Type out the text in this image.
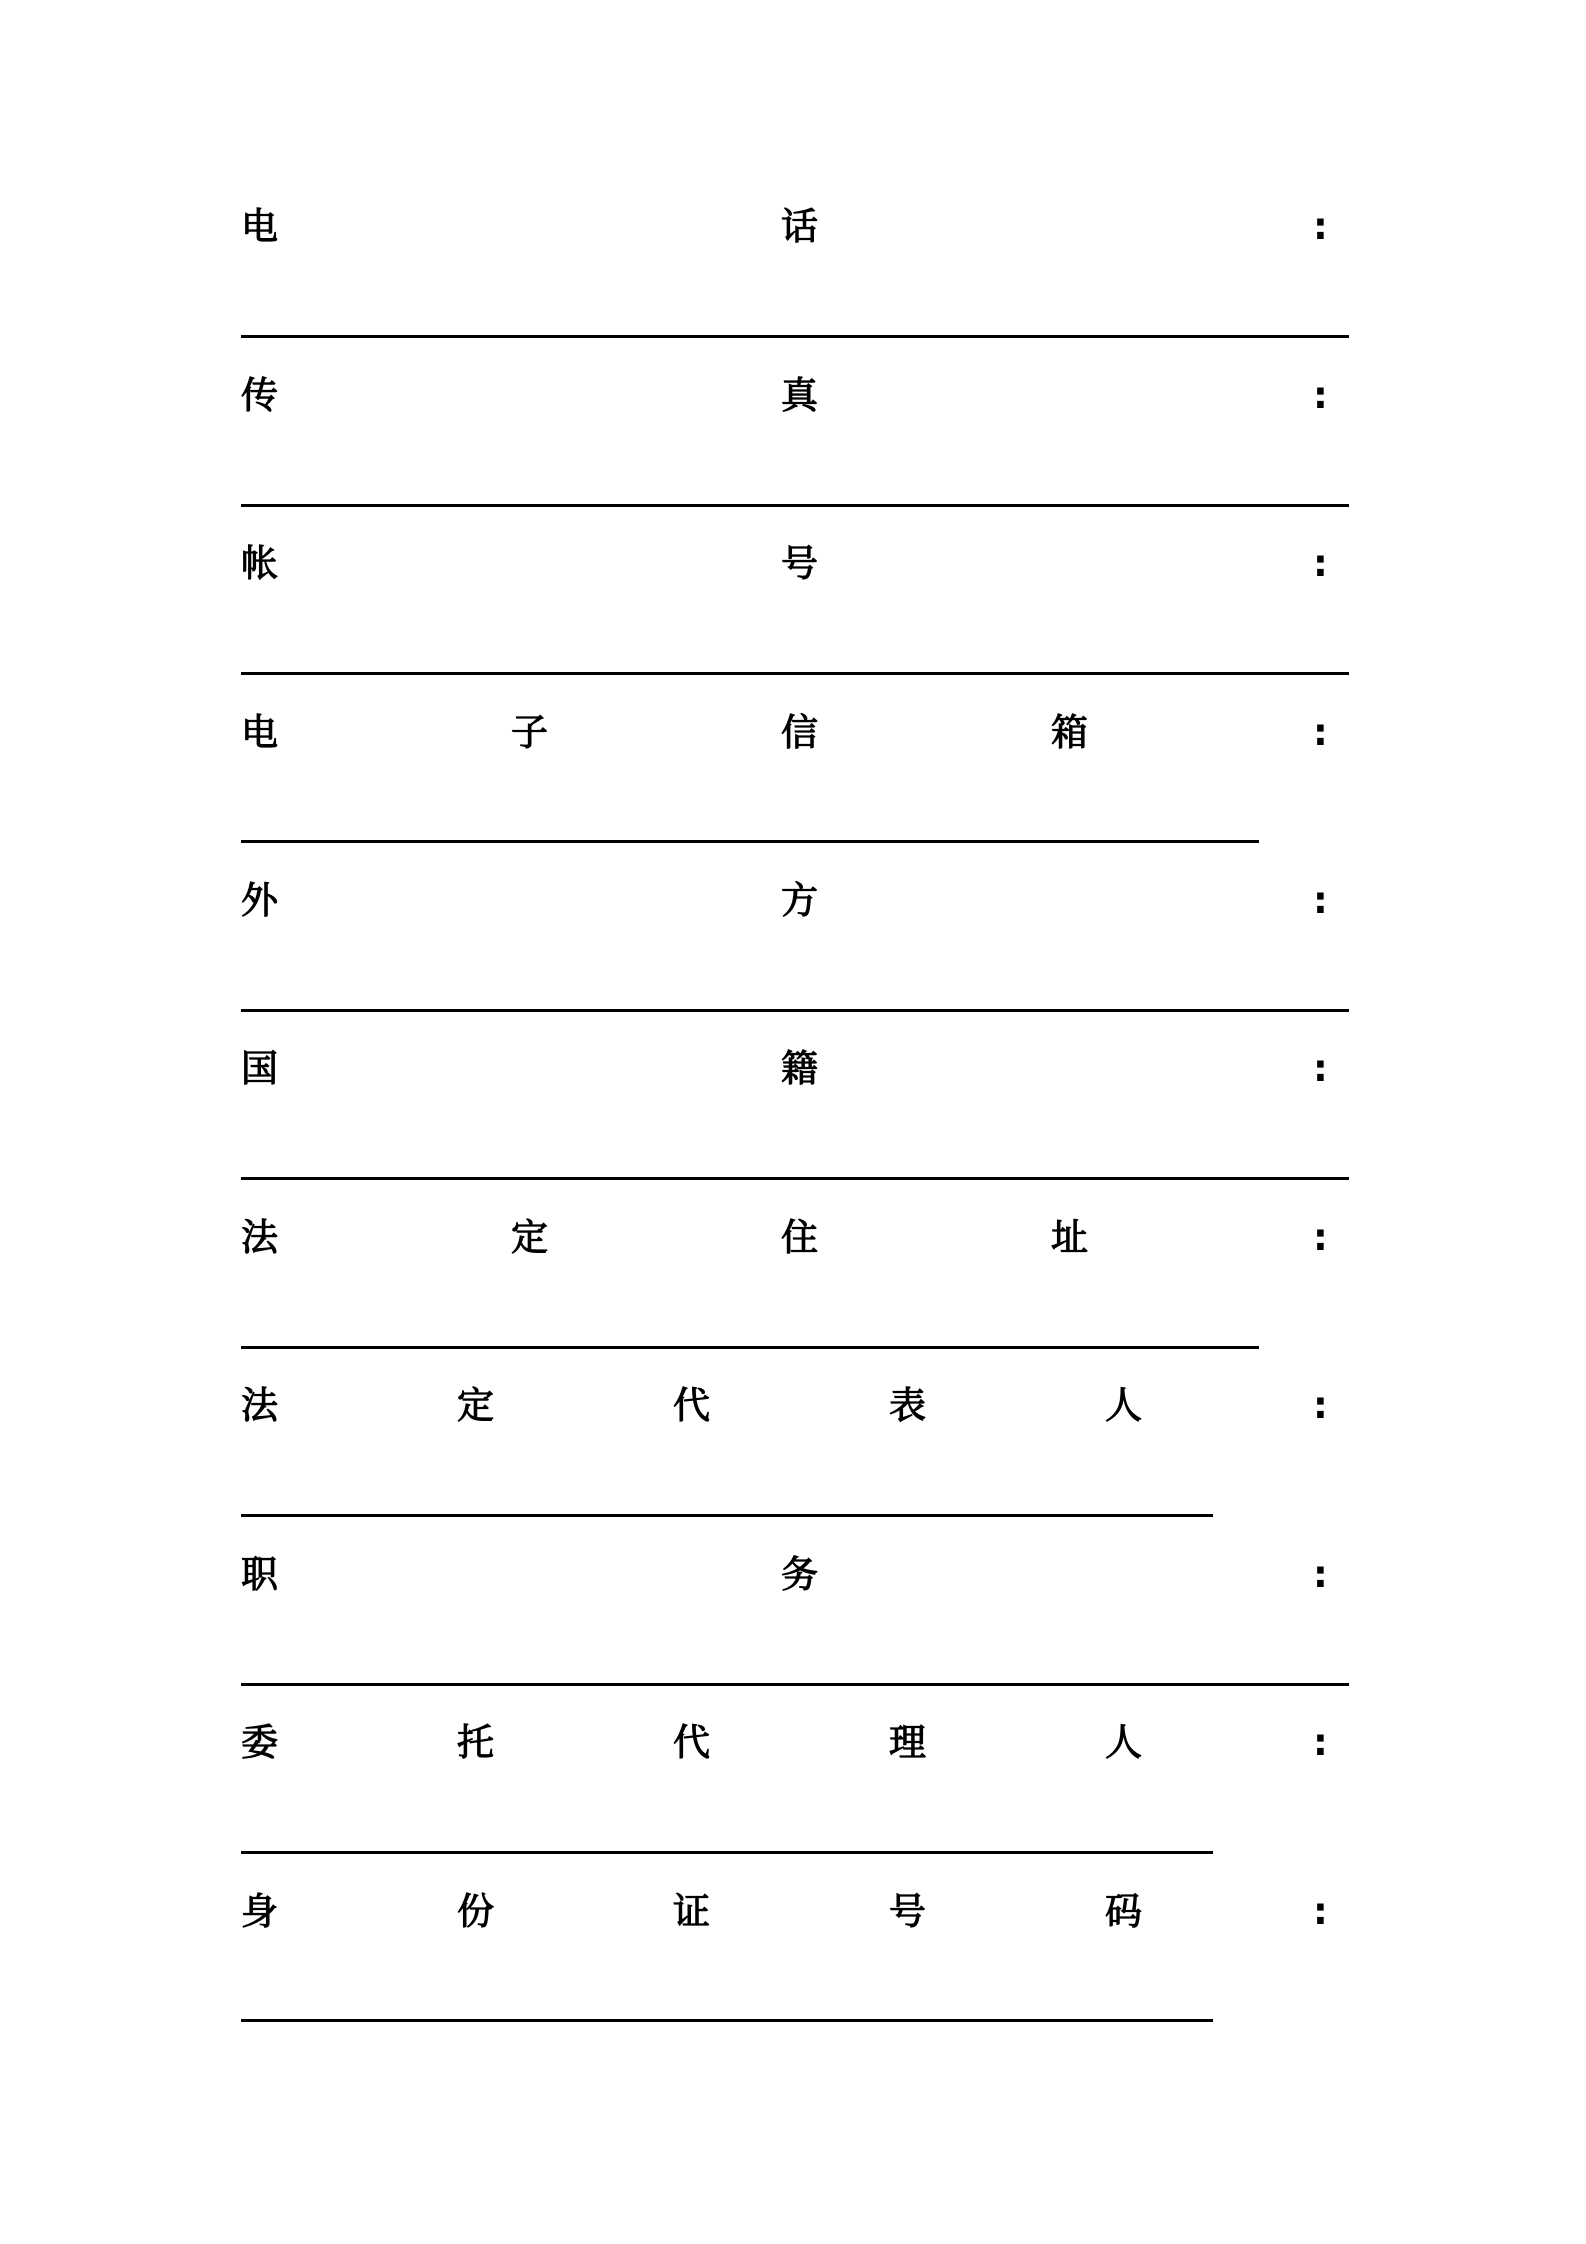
电	话	:
传	真	:
帐	号	:
电	子	信	箱	:
外	方	:
国	籍	:
法	定	住	址	:
法	定	代	表	人	:
职	务	:
委	托	代	理	人	:
身	份	证	号	码	:
